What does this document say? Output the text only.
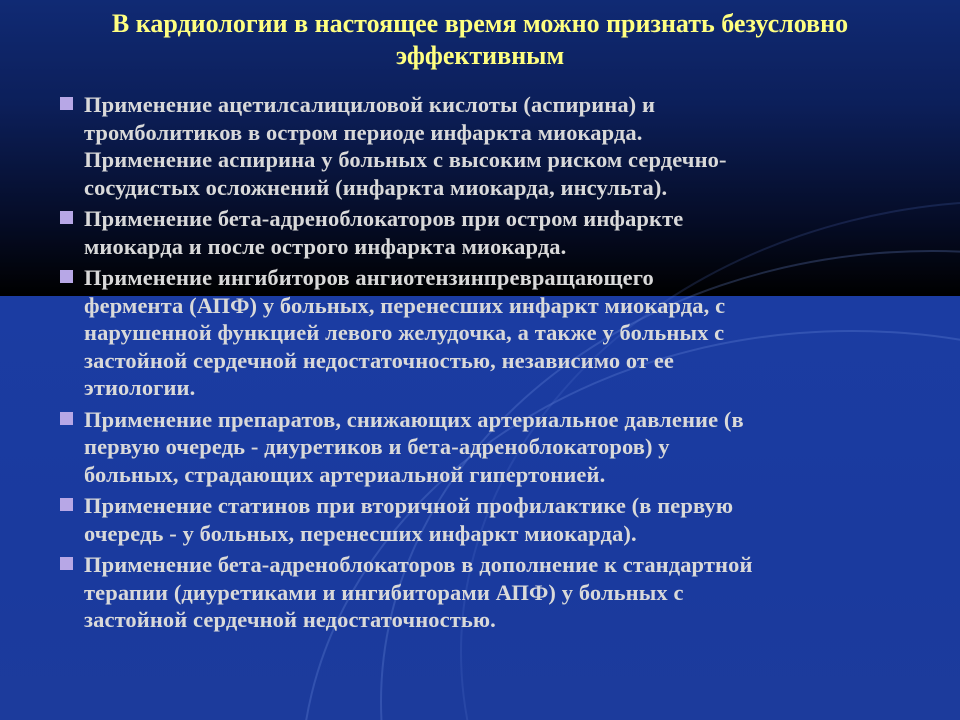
В кардиологии в настоящее время можно признать безусловно
эффективным
Применение ацетилсалициловой кислоты (аспирина) и
тромболитиков в остром периоде инфаркта миокарда.
Применение аспирина у больных с высоким риском сердечно-
сосудистых осложнений (инфаркта миокарда, инсульта).
Применение бета-адреноблокаторов при остром инфаркте
миокарда и после острого инфаркта миокарда.
Применение ингибиторов ангиотензинпревращающего
фермента (АПФ) у больных, перенесших инфаркт миокарда, с
нарушенной функцией левого желудочка, а также у больных с
застойной сердечной недостаточностью, независимо от ее
этиологии.
Применение препаратов, снижающих артериальное давление (в
первую очередь - диуретиков и бета-адреноблокаторов) у
больных, страдающих артериальной гипертонией.
Применение статинов при вторичной профилактике (в первую
очередь - у больных, перенесших инфаркт миокарда).
Применение бета-адреноблокаторов в дополнение к стандартной
терапии (диуретиками и ингибиторами АПФ) у больных с
застойной сердечной недостаточностью.
